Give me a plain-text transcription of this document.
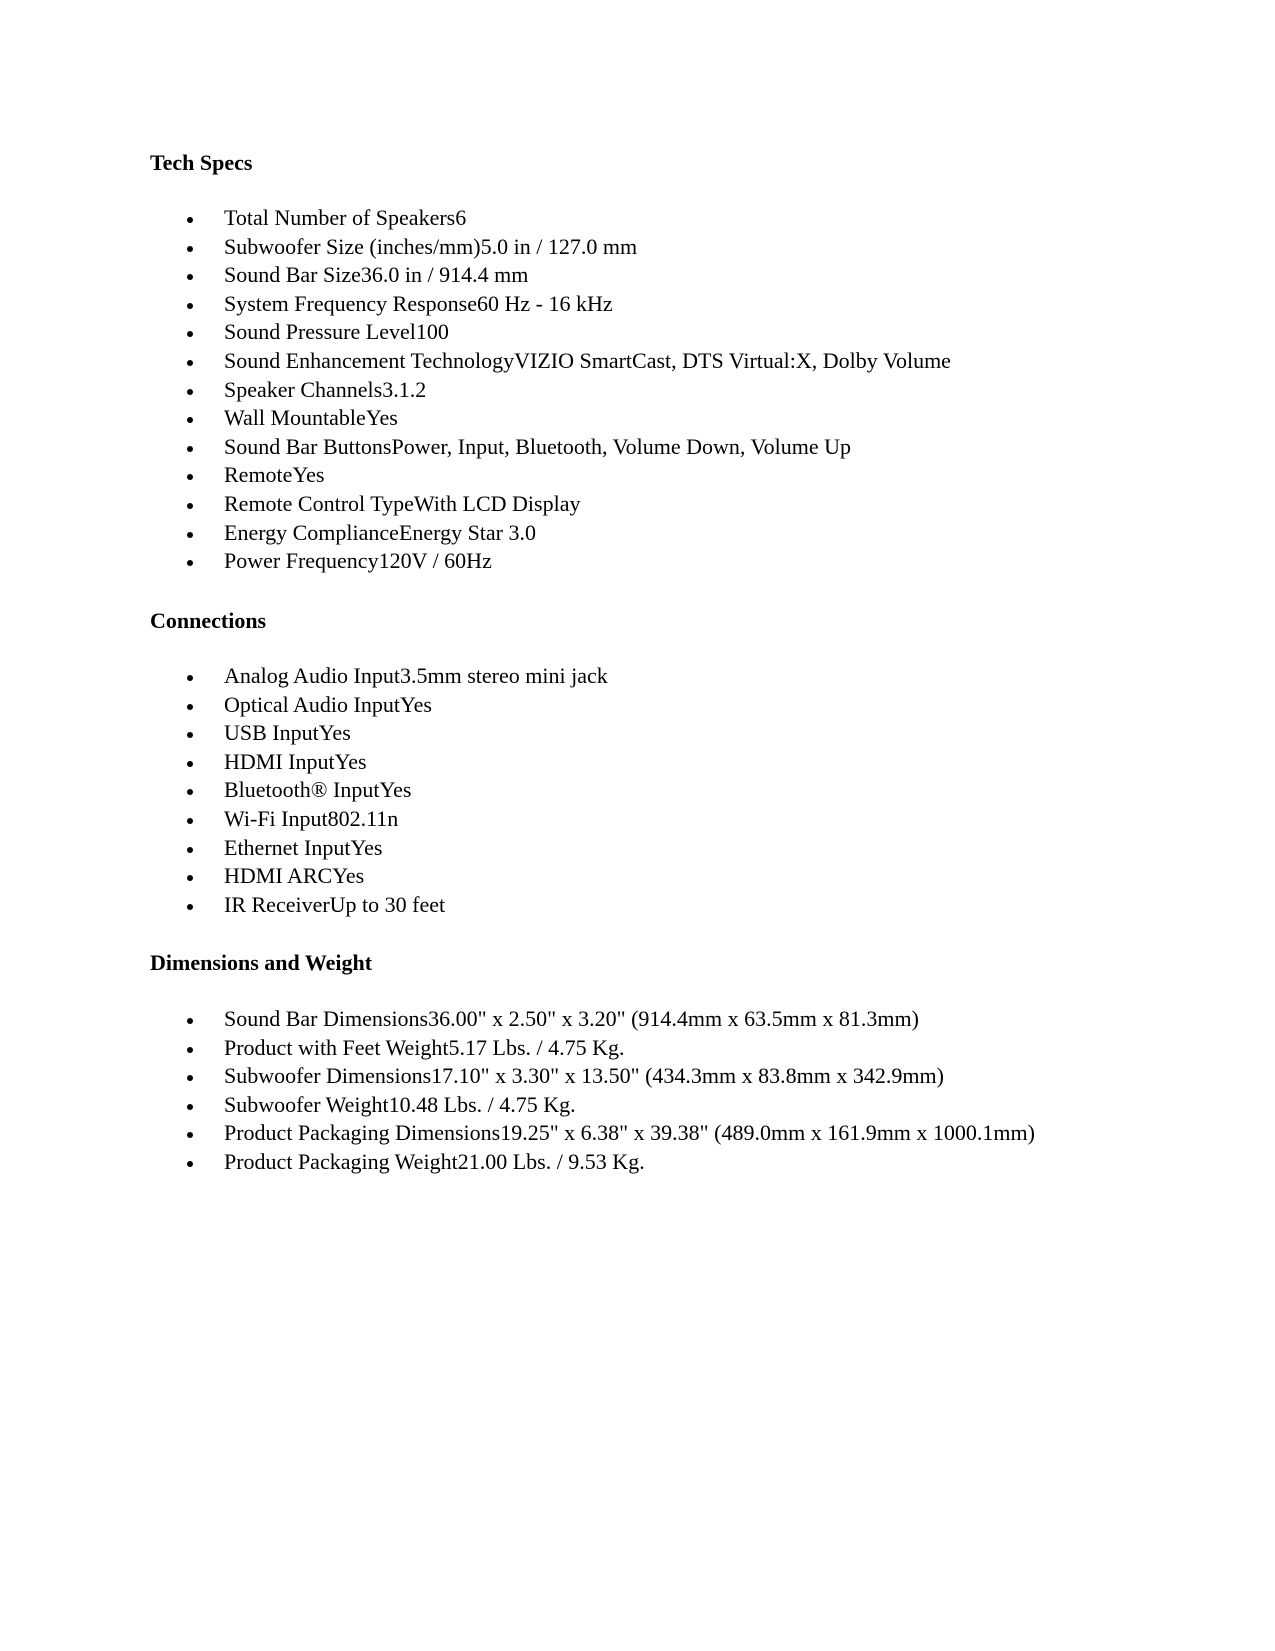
Tech Specs
Total Number of Speakers6
Subwoofer Size (inches/mm)5.0 in / 127.0 mm
Sound Bar Size36.0 in / 914.4 mm
System Frequency Response60 Hz - 16 kHz
Sound Pressure Level100
Sound Enhancement TechnologyVIZIO SmartCast, DTS Virtual:X, Dolby Volume
Speaker Channels3.1.2
Wall MountableYes
Sound Bar ButtonsPower, Input, Bluetooth, Volume Down, Volume Up
RemoteYes
Remote Control TypeWith LCD Display
Energy ComplianceEnergy Star 3.0
Power Frequency120V / 60Hz
Connections
Analog Audio Input3.5mm stereo mini jack
Optical Audio InputYes
USB InputYes
HDMI InputYes
Bluetooth® InputYes
Wi-Fi Input802.11n
Ethernet InputYes
HDMI ARCYes
IR ReceiverUp to 30 feet
Dimensions and Weight
Sound Bar Dimensions36.00" x 2.50" x 3.20" (914.4mm x 63.5mm x 81.3mm)
Product with Feet Weight5.17 Lbs. / 4.75 Kg.
Subwoofer Dimensions17.10" x 3.30" x 13.50" (434.3mm x 83.8mm x 342.9mm)
Subwoofer Weight10.48 Lbs. / 4.75 Kg.
Product Packaging Dimensions19.25" x 6.38" x 39.38" (489.0mm x 161.9mm x 1000.1mm)
Product Packaging Weight21.00 Lbs. / 9.53 Kg.
